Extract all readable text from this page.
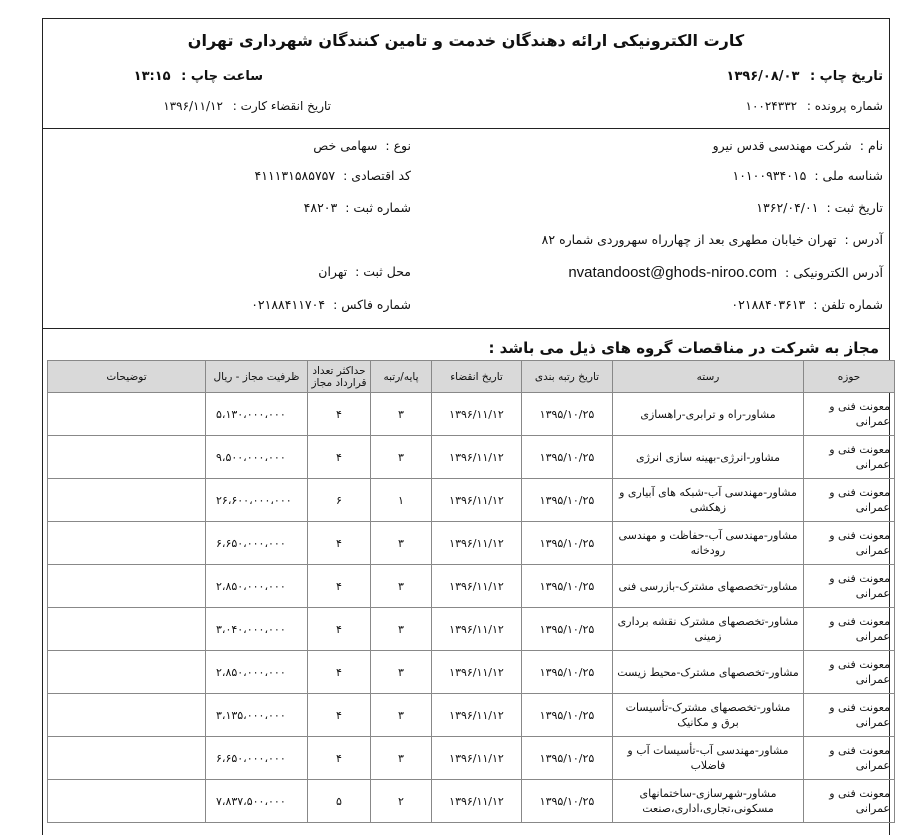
کارت الکترونیکی ارائه دهندگان خدمت و تامین کنندگان شهرداری تهران
تاریخ چاپ : ۱۳۹۶/۰۸/۰۳
ساعت چاپ : ۱۳:۱۵
شماره پرونده : ۱۰۰۲۴۳۳۲
تاریخ انقضاء کارت : ۱۳۹۶/۱۱/۱۲
نام :شرکت مهندسی قدس نیرو
نوع :سهامی خص
شناسه ملی :۱۰۱۰۰۹۳۴۰۱۵
کد اقتصادی :۴۱۱۱۳۱۵۸۵۷۵۷
تاریخ ثبت :۱۳۶۲/۰۴/۰۱
شماره ثبت :۴۸۲۰۳
آدرس :تهران خیابان مطهری بعد از چهارراه سهروردی شماره ۸۲
آدرس الکترونیکی :nvatandoost@ghods-niroo.com
محل ثبت :تهران
شماره تلفن :۰۲۱۸۸۴۰۳۶۱۳
شماره فاکس :۰۲۱۸۸۴۱۱۷۰۴
مجاز به شرکت در مناقصات گروه های ذیل می باشد :
حوزه	رسته	تاریخ رتبه بندی	تاریخ انقضاء	پایه/رتبه	حداکثر تعداد قرارداد مجاز	ظرفیت مجاز - ریال	توضیحات
معونت فنی و عمرانی	مشاور-راه و ترابری-راهسازی	۱۳۹۵/۱۰/۲۵	۱۳۹۶/۱۱/۱۲	۳	۴	۵،۱۳۰،۰۰۰،۰۰۰	
معونت فنی و عمرانی	مشاور-انرژی-بهینه سازی انرژی	۱۳۹۵/۱۰/۲۵	۱۳۹۶/۱۱/۱۲	۳	۴	۹،۵۰۰،۰۰۰،۰۰۰	
معونت فنی و عمرانی	مشاور-مهندسی آب-شبکه های آبیاری و زهکشی	۱۳۹۵/۱۰/۲۵	۱۳۹۶/۱۱/۱۲	۱	۶	۲۶،۶۰۰،۰۰۰،۰۰۰	
معونت فنی و عمرانی	مشاور-مهندسی آب-حفاظت و مهندسی رودخانه	۱۳۹۵/۱۰/۲۵	۱۳۹۶/۱۱/۱۲	۳	۴	۶،۶۵۰،۰۰۰،۰۰۰	
معونت فنی و عمرانی	مشاور-تخصصهای مشترک-بازرسی فنی	۱۳۹۵/۱۰/۲۵	۱۳۹۶/۱۱/۱۲	۳	۴	۲،۸۵۰،۰۰۰،۰۰۰	
معونت فنی و عمرانی	مشاور-تخصصهای مشترک نقشه برداری زمینی	۱۳۹۵/۱۰/۲۵	۱۳۹۶/۱۱/۱۲	۳	۴	۳،۰۴۰،۰۰۰،۰۰۰	
معونت فنی و عمرانی	مشاور-تخصصهای مشترک-محیط زیست	۱۳۹۵/۱۰/۲۵	۱۳۹۶/۱۱/۱۲	۳	۴	۲،۸۵۰،۰۰۰،۰۰۰	
معونت فنی و عمرانی	مشاور-تخصصهای مشترک-تأسیسات برق و مکانیک	۱۳۹۵/۱۰/۲۵	۱۳۹۶/۱۱/۱۲	۳	۴	۳،۱۳۵،۰۰۰،۰۰۰	
معونت فنی و عمرانی	مشاور-مهندسی آب-تأسیسات آب و فاضلاب	۱۳۹۵/۱۰/۲۵	۱۳۹۶/۱۱/۱۲	۳	۴	۶،۶۵۰،۰۰۰،۰۰۰	
معونت فنی و عمرانی	مشاور-شهرسازی-ساختمانهای مسکونی،تجاری،اداری،صنعت	۱۳۹۵/۱۰/۲۵	۱۳۹۶/۱۱/۱۲	۲	۵	۷،۸۳۷،۵۰۰،۰۰۰	
